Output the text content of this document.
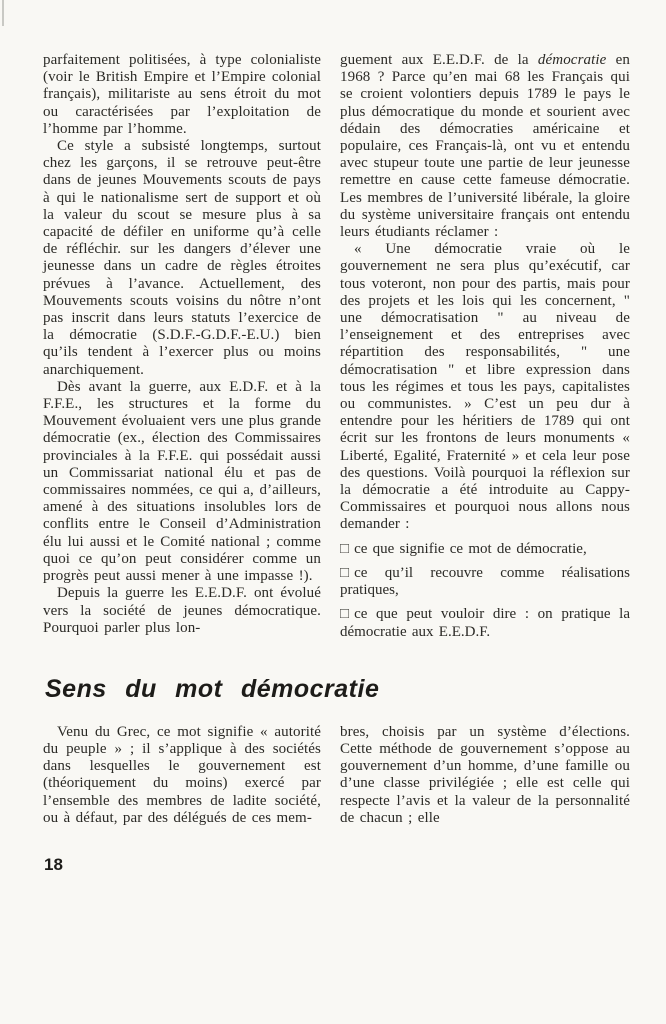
parfaitement politisées, à type colonialiste (voir le British Empire et l’Empire colonial français), militariste au sens étroit du mot ou caractérisées par l’exploitation de l’homme par l’homme.

Ce style a subsisté longtemps, surtout chez les garçons, il se retrouve peut-être dans de jeunes Mouvements scouts de pays à qui le nationalisme sert de support et où la valeur du scout se mesure plus à sa capacité de défiler en uniforme qu’à celle de réfléchir. sur les dangers d’élever une jeunesse dans un cadre de règles étroites prévues à l’avance. Actuellement, des Mouvements scouts voisins du nôtre n’ont pas inscrit dans leurs statuts l’exercice de la démocratie (S.D.F.-G.D.F.-E.U.) bien qu’ils tendent à l’exercer plus ou moins anarchiquement.

Dès avant la guerre, aux E.D.F. et à la F.F.E., les structures et la forme du Mouvement évoluaient vers une plus grande démocratie (ex., élection des Commissaires provinciales à la F.F.E. qui possédait aussi un Commissariat national élu et pas de commissaires nommées, ce qui a, d’ailleurs, amené à des situations insolubles lors de conflits entre le Conseil d’Administration élu lui aussi et le Comité national ; comme quoi ce qu’on peut considérer comme un progrès peut aussi mener à une impasse !).

Depuis la guerre les E.E.D.F. ont évolué vers la société de jeunes démocratique. Pourquoi parler plus lon-

guement aux E.E.D.F. de la démocratie en 1968 ? Parce qu’en mai 68 les Français qui se croient volontiers depuis 1789 le pays le plus démocratique du monde et sourient avec dédain des démocraties américaine et populaire, ces Français-là, ont vu et entendu avec stupeur toute une partie de leur jeunesse remettre en cause cette fameuse démocratie. Les membres de l’université libérale, la gloire du système universitaire français ont entendu leurs étudiants réclamer :

« Une démocratie vraie où le gouvernement ne sera plus qu’exécutif, car tous voteront, non pour des partis, mais pour des projets et les lois qui les concernent, " une démocratisation " au niveau de l’enseignement et des entreprises avec répartition des responsabilités, " une démocratisation " et libre expression dans tous les régimes et tous les pays, capitalistes ou communistes. » C’est un peu dur à entendre pour les héritiers de 1789 qui ont écrit sur les frontons de leurs monuments « Liberté, Egalité, Fraternité » et cela leur pose des questions. Voilà pourquoi la réflexion sur la démocratie a été introduite au Cappy-Commissaires et pourquoi nous allons nous demander :

□ ce que signifie ce mot de démocratie,
□ ce qu’il recouvre comme réalisations pratiques,
□ ce que peut vouloir dire : on pratique la démocratie aux E.E.D.F.
Sens du mot démocratie

Venu du Grec, ce mot signifie « autorité du peuple » ; il s’applique à des sociétés dans lesquelles le gouvernement est (théoriquement du moins) exercé par l’ensemble des membres de ladite société, ou à défaut, par des délégués de ces mem-

bres, choisis par un système d’élections. Cette méthode de gouvernement s’oppose au gouvernement d’un homme, d’une famille ou d’une classe privilégiée ; elle est celle qui respecte l’avis et la valeur de la personnalité de chacun ; elle

18
